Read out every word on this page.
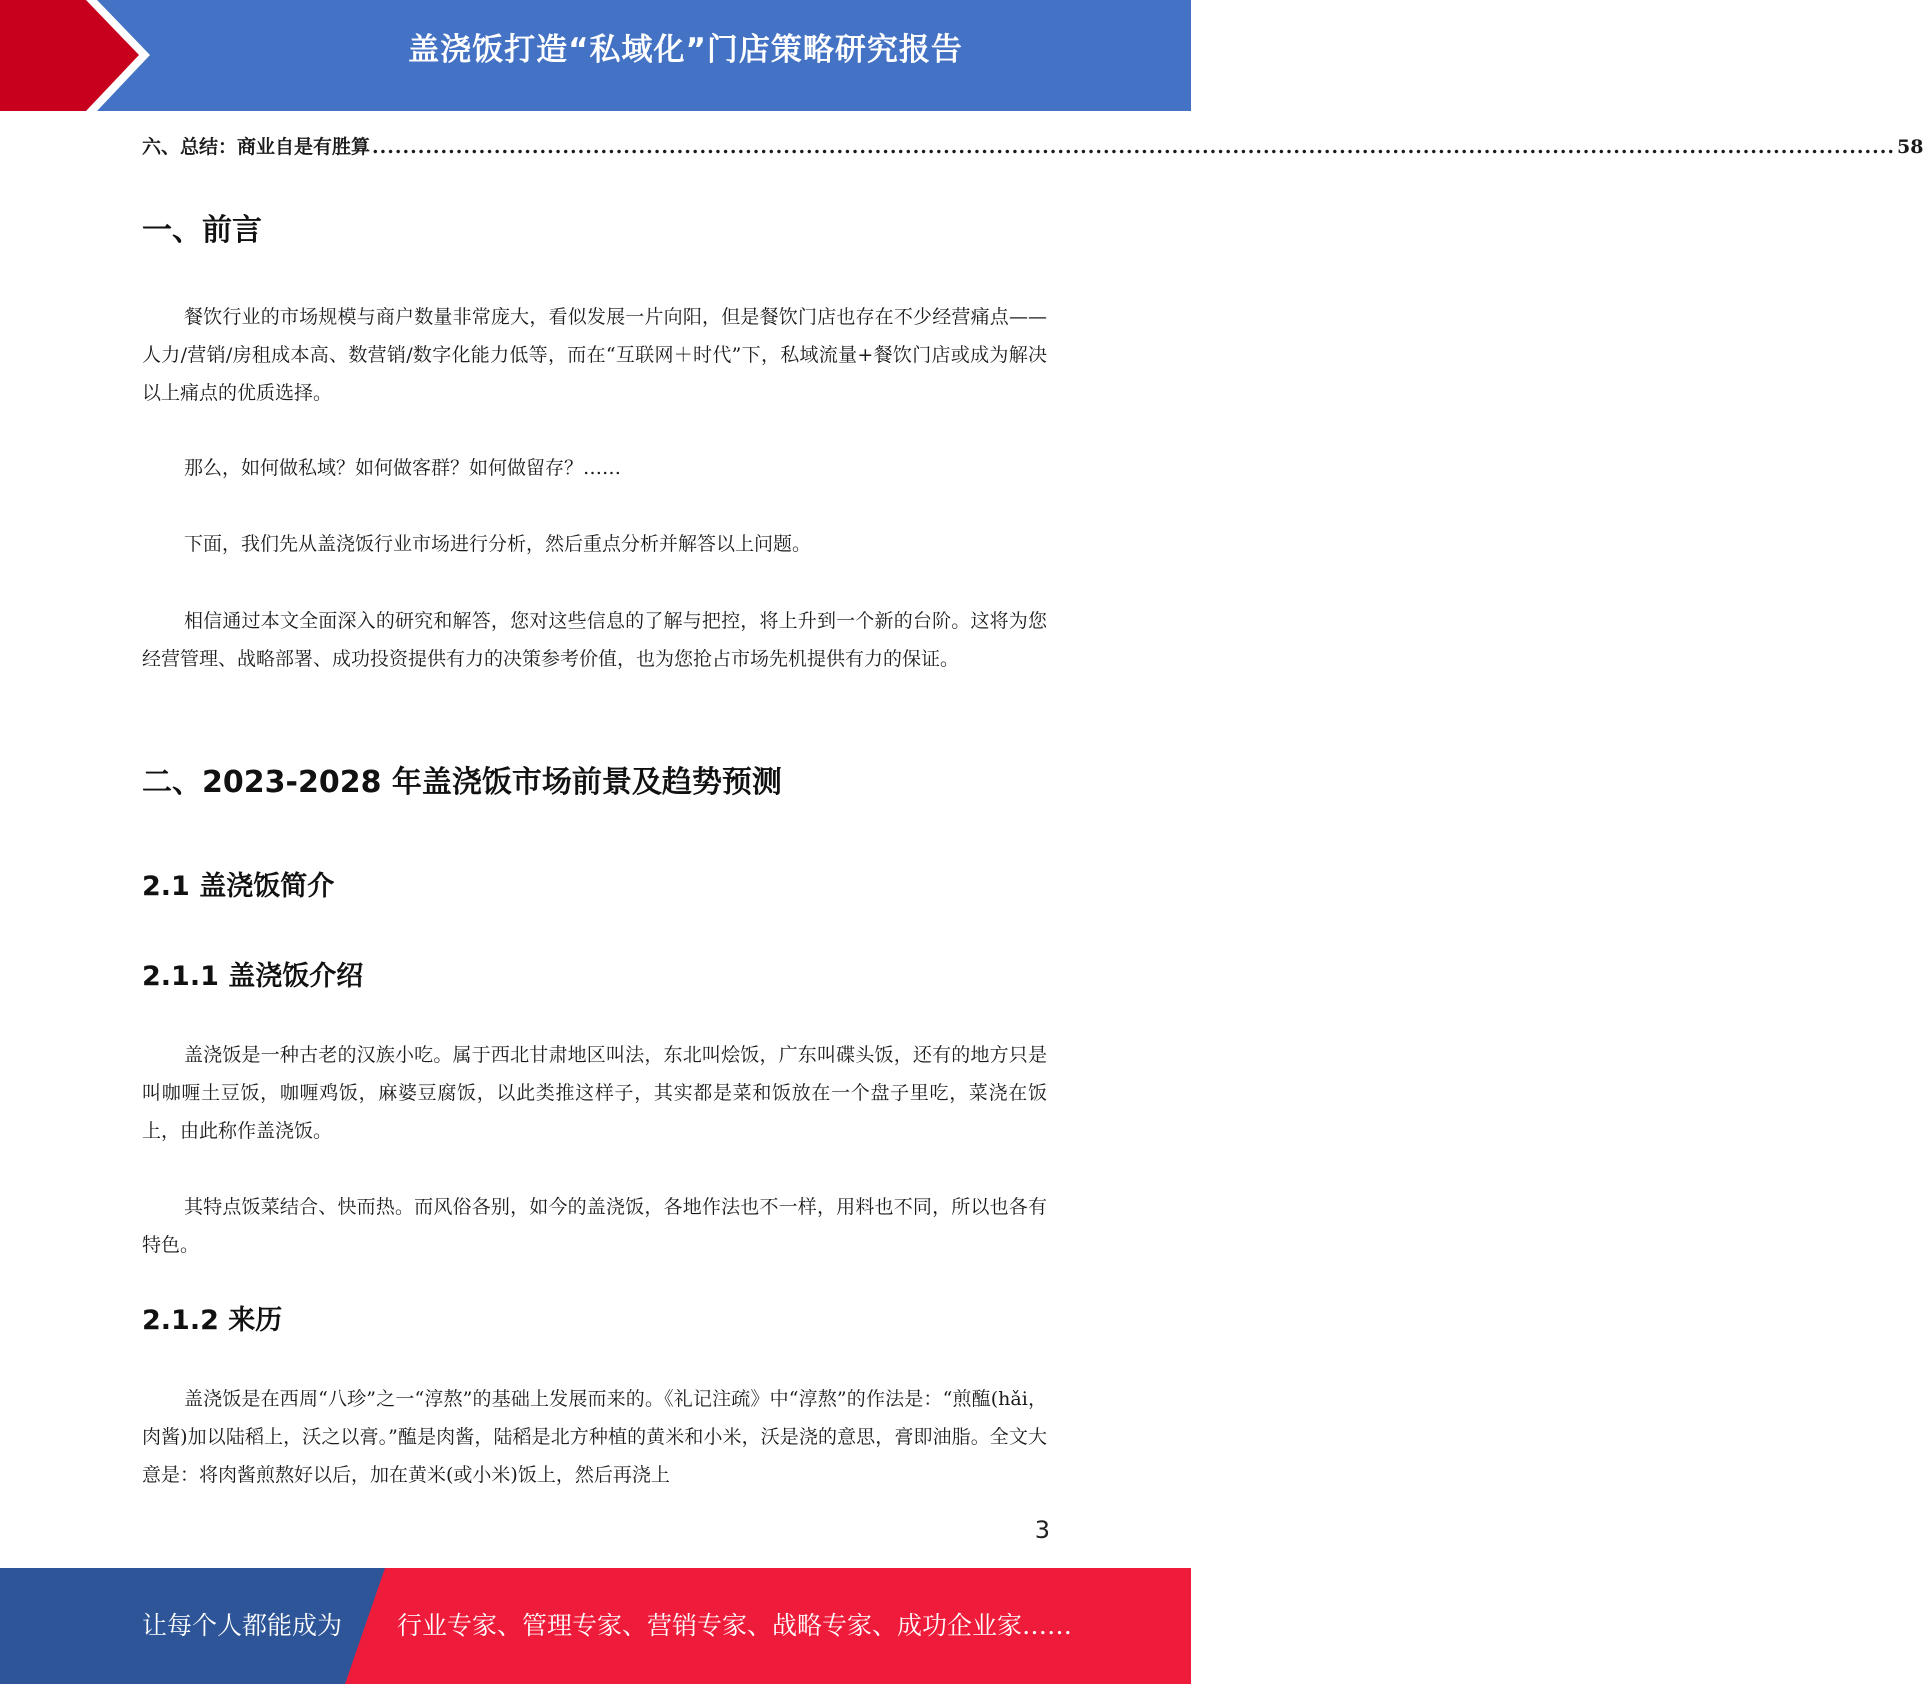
盖浇饭打造“私域化”门店策略研究报告
六、总结：商业自是有胜算 ........................................................................................................................................................................................................ 58
一、前言

餐饮行业的市场规模与商户数量非常庞大，看似发展一片向阳，但是餐饮门店也存在不少经营痛点——人力/营销/房租成本高、数营销/数字化能力低等，而在“互联网＋时代”下，私域流量+餐饮门店或成为解决以上痛点的优质选择。

那么，如何做私域？如何做客群？如何做留存？……

下面，我们先从盖浇饭行业市场进行分析，然后重点分析并解答以上问题。

相信通过本文全面深入的研究和解答，您对这些信息的了解与把控，将上升到一个新的台阶。这将为您经营管理、战略部署、成功投资提供有力的决策参考价值，也为您抢占市场先机提供有力的保证。

二、2023-2028 年盖浇饭市场前景及趋势预测
2.1 盖浇饭简介
2.1.1 盖浇饭介绍

盖浇饭是一种古老的汉族小吃。属于西北甘肃地区叫法，东北叫烩饭，广东叫碟头饭，还有的地方只是叫咖喱土豆饭，咖喱鸡饭，麻婆豆腐饭，以此类推这样子，其实都是菜和饭放在一个盘子里吃，菜浇在饭上，由此称作盖浇饭。

其特点饭菜结合、快而热。而风俗各别，如今的盖浇饭，各地作法也不一样，用料也不同，所以也各有特色。

2.1.2 来历

盖浇饭是在西周“八珍”之一“淳熬”的基础上发展而来的。《礼记注疏》中“淳熬”的作法是：“煎醢(hǎi，肉酱)加以陆稻上，沃之以膏。”醢是肉酱，陆稻是北方种植的黄米和小米，沃是浇的意思，膏即油脂。全文大意是：将肉酱煎熬好以后，加在黄米(或小米)饭上，然后再浇上

3
让每个人都能成为 行业专家、管理专家、营销专家、战略专家、成功企业家……
